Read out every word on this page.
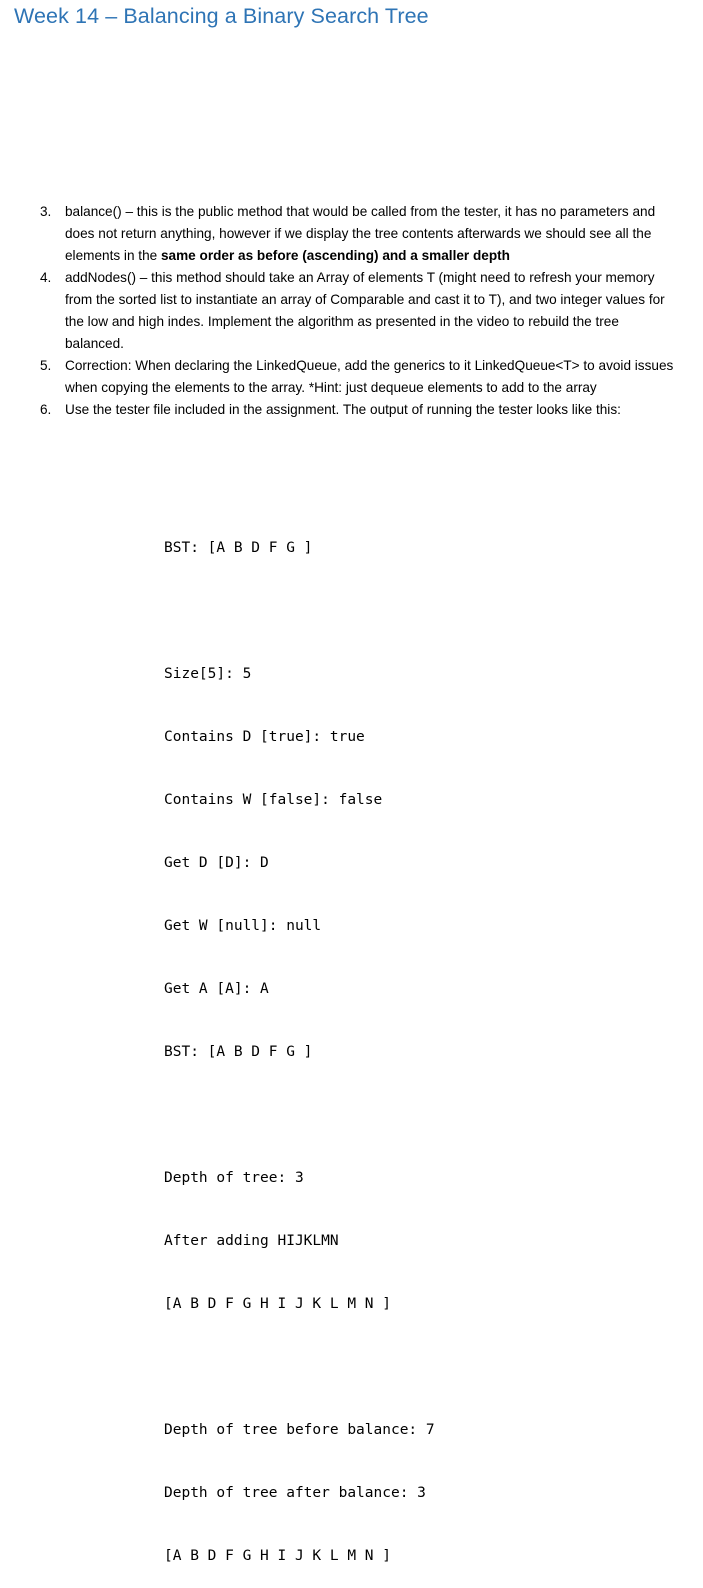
Week 14 – Balancing a Binary Search Tree
3. balance() – this is the public method that would be called from the tester, it has no parameters and does not return anything, however if we display the tree contents afterwards we should see all the elements in the same order as before (ascending) and a smaller depth
4. addNodes() – this method should take an Array of elements T (might need to refresh your memory from the sorted list to instantiate an array of Comparable and cast it to T), and two integer values for the low and high indes. Implement the algorithm as presented in the video to rebuild the tree balanced.
5. Correction: When declaring the LinkedQueue, add the generics to it LinkedQueue<T> to avoid issues when copying the elements to the array. *Hint: just dequeue elements to add to the array
6. Use the tester file included in the assignment. The output of running the tester looks like this:

BST: [A B D F G ]

Size[5]: 5

Contains D [true]: true

Contains W [false]: false

Get D [D]: D

Get W [null]: null

Get A [A]: A

BST: [A B D F G ]

Depth of tree: 3

After adding HIJKLMN

[A B D F G H I J K L M N ]

Depth of tree before balance: 7

Depth of tree after balance: 3

[A B D F G H I J K L M N ]
